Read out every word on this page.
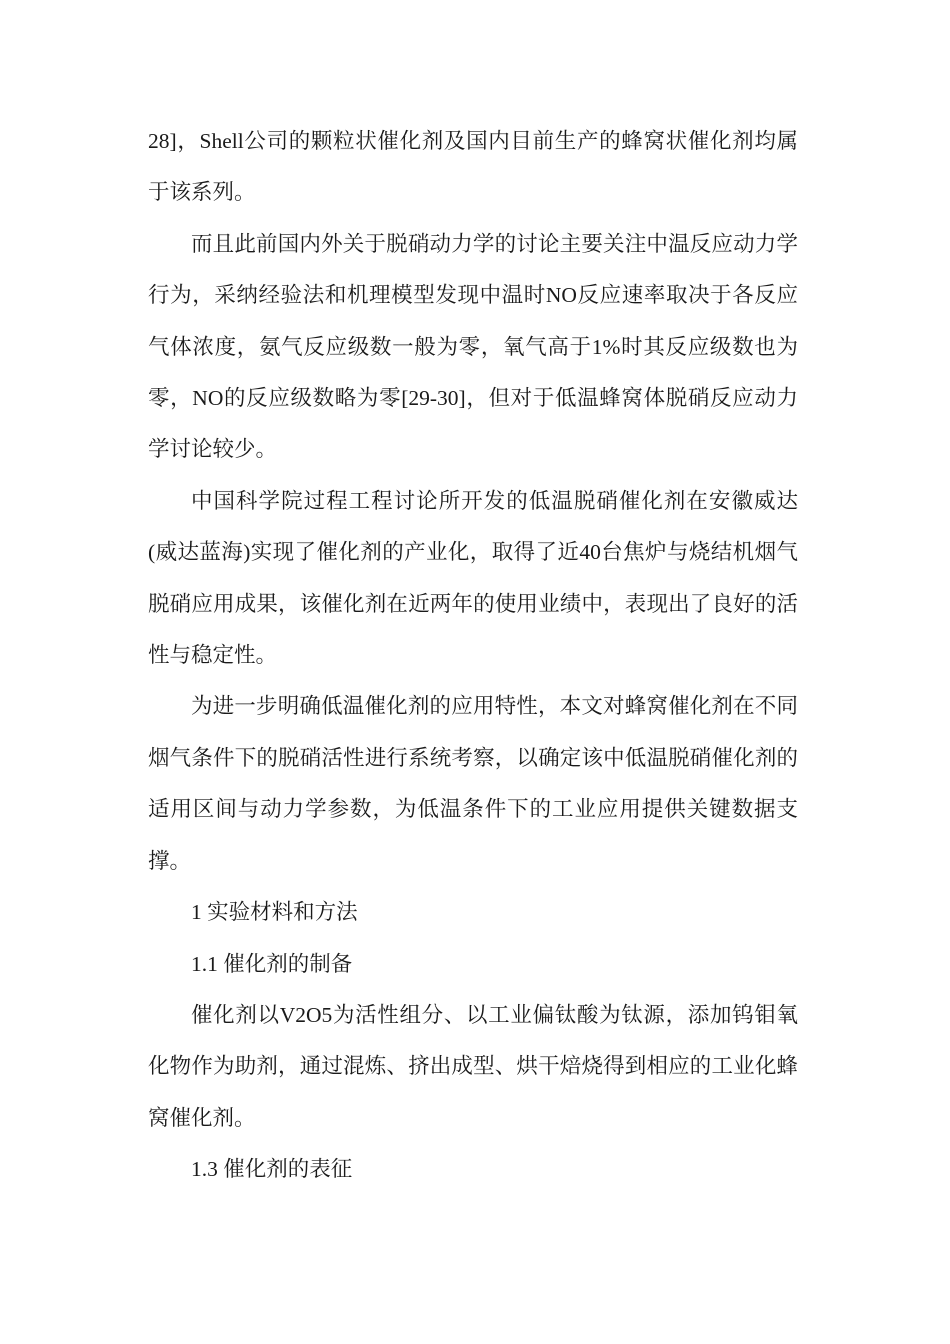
28]，Shell公司的颗粒状催化剂及国内目前生产的蜂窝状催化剂均属于该系列。

而且此前国内外关于脱硝动力学的讨论主要关注中温反应动力学行为，采纳经验法和机理模型发现中温时NO反应速率取决于各反应气体浓度，氨气反应级数一般为零，氧气高于1%时其反应级数也为零，NO的反应级数略为零[29-30]，但对于低温蜂窝体脱硝反应动力学讨论较少。

中国科学院过程工程讨论所开发的低温脱硝催化剂在安徽威达(威达蓝海)实现了催化剂的产业化，取得了近40台焦炉与烧结机烟气脱硝应用成果，该催化剂在近两年的使用业绩中，表现出了良好的活性与稳定性。

为进一步明确低温催化剂的应用特性，本文对蜂窝催化剂在不同烟气条件下的脱硝活性进行系统考察，以确定该中低温脱硝催化剂的适用区间与动力学参数，为低温条件下的工业应用提供关键数据支撑。

1 实验材料和方法

1.1 催化剂的制备

催化剂以V2O5为活性组分、以工业偏钛酸为钛源，添加钨钼氧化物作为助剂，通过混炼、挤出成型、烘干焙烧得到相应的工业化蜂窝催化剂。

1.3 催化剂的表征
